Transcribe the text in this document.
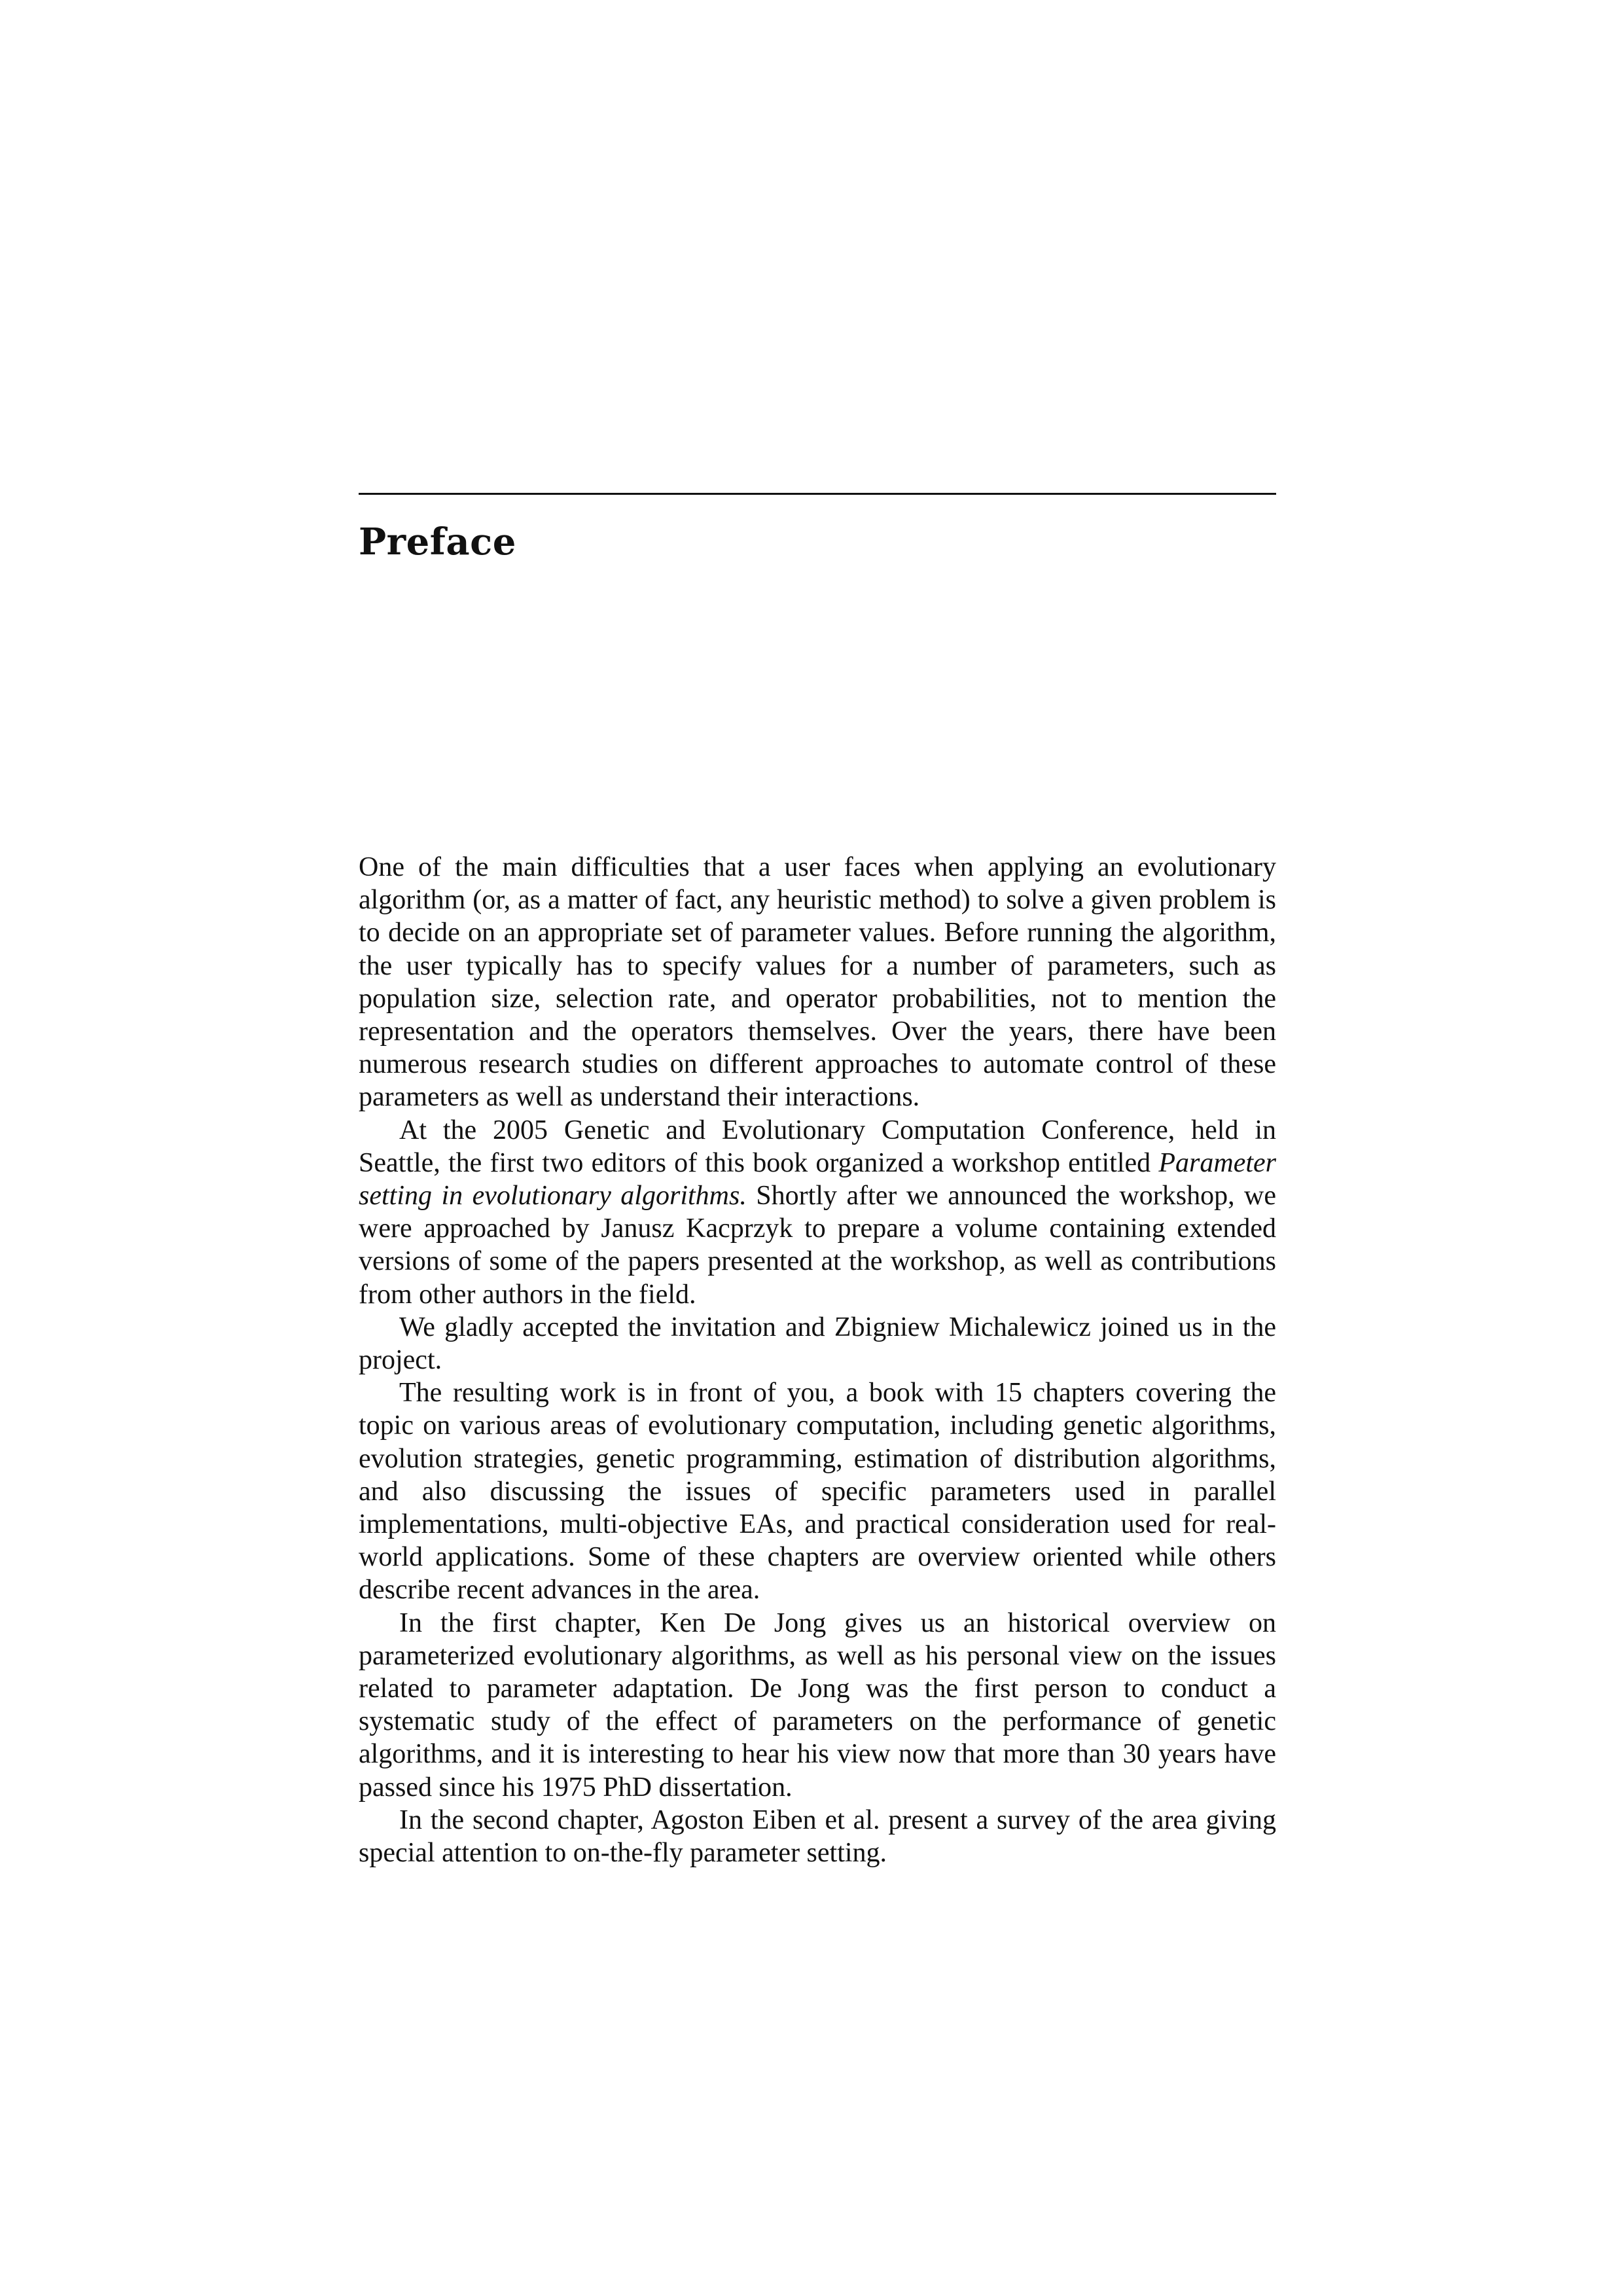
Preface

One of the main difficulties that a user faces when applying an evolutionary algorithm (or, as a matter of fact, any heuristic method) to solve a given problem is to decide on an appropriate set of parameter values. Before running the algorithm, the user typically has to specify values for a number of parameters, such as population size, selection rate, and operator probabilities, not to mention the representation and the operators themselves. Over the years, there have been numerous research studies on different approaches to automate control of these parameters as well as understand their interactions.

At the 2005 Genetic and Evolutionary Computation Conference, held in Seattle, the first two editors of this book organized a workshop entitled Parameter setting in evolutionary algorithms. Shortly after we announced the workshop, we were approached by Janusz Kacprzyk to prepare a volume containing extended versions of some of the papers presented at the workshop, as well as contributions from other authors in the field.

We gladly accepted the invitation and Zbigniew Michalewicz joined us in the project.

The resulting work is in front of you, a book with 15 chapters covering the topic on various areas of evolutionary computation, including genetic algorithms, evolution strategies, genetic programming, estimation of distribution algorithms, and also discussing the issues of specific parameters used in parallel implementations, multi-objective EAs, and practical consideration used for real-world applications. Some of these chapters are overview oriented while others describe recent advances in the area.

In the first chapter, Ken De Jong gives us an historical overview on parameterized evolutionary algorithms, as well as his personal view on the issues related to parameter adaptation. De Jong was the first person to conduct a systematic study of the effect of parameters on the performance of genetic algorithms, and it is interesting to hear his view now that more than 30 years have passed since his 1975 PhD dissertation.

In the second chapter, Agoston Eiben et al. present a survey of the area giving special attention to on-the-fly parameter setting.
